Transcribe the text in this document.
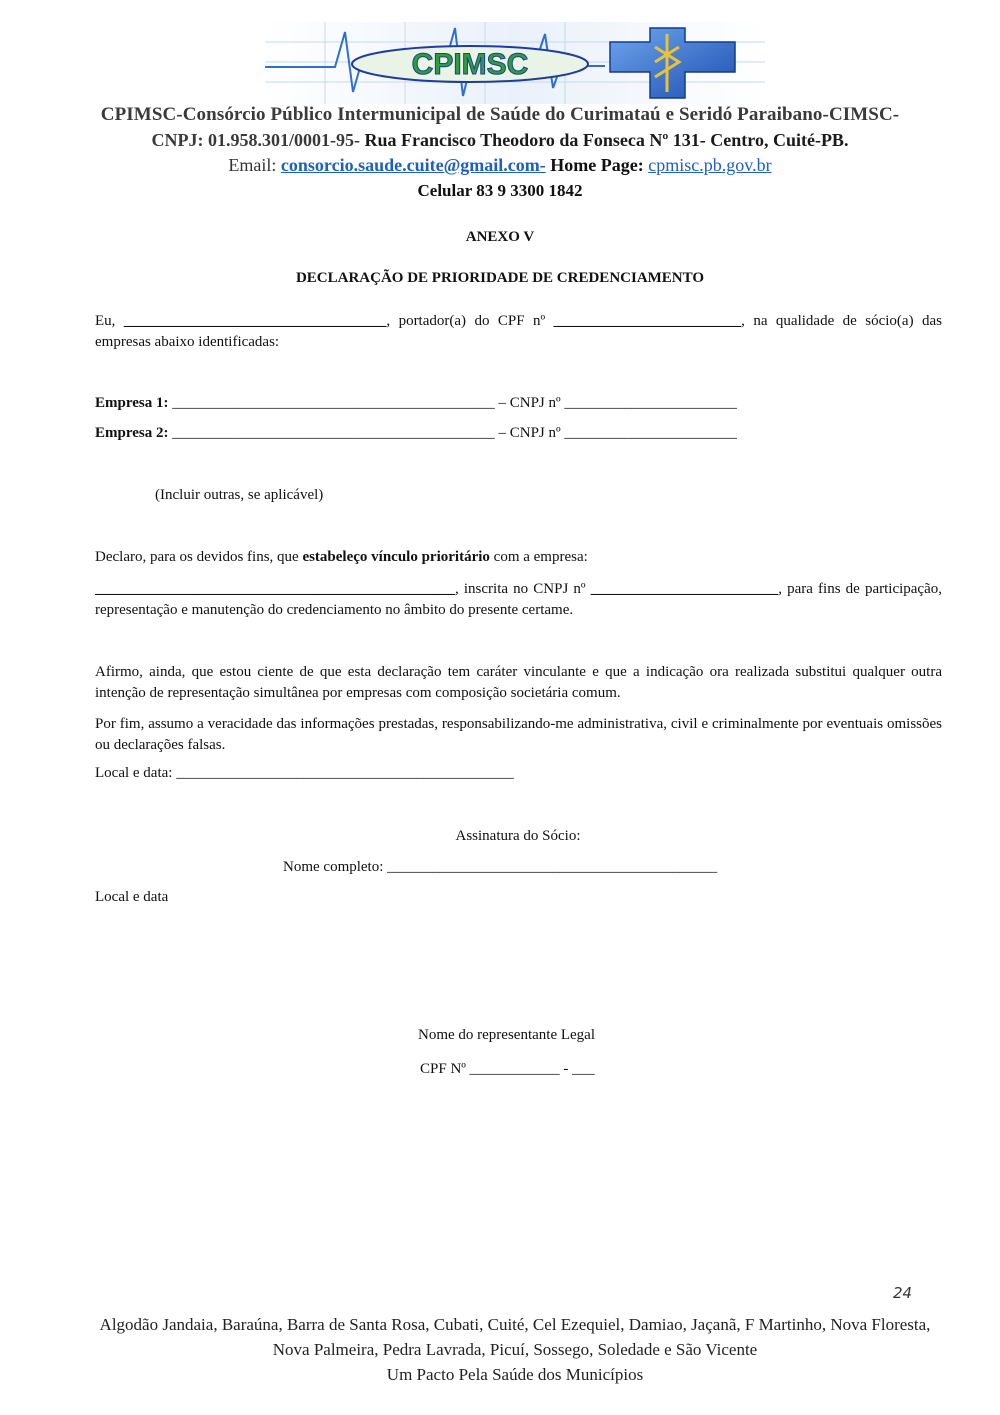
CPIMSC
CPIMSC-Consórcio Público Intermunicipal de Saúde do Curimataú e Seridó Paraibano-CIMSC-
CNPJ: 01.958.301/0001-95- Rua Francisco Theodoro da Fonseca Nº 131- Centro, Cuité-PB.
Email: consorcio.saude.cuite@gmail.com- Home Page: cpmisc.pb.gov.br
Celular 83 9 3300 1842
ANEXO V
DECLARAÇÃO DE PRIORIDADE DE CREDENCIAMENTO
Eu, ___________________________________, portador(a) do CPF nº _________________________, na qualidade de sócio(a) das empresas abaixo identificadas:
Empresa 1: ___________________________________________ – CNPJ nº _______________________
Empresa 2: ___________________________________________ – CNPJ nº _______________________
(Incluir outras, se aplicável)
Declaro, para os devidos fins, que estabeleço vínculo prioritário com a empresa:
________________________________________________, inscrita no CNPJ nº _________________________, para fins de participação, representação e manutenção do credenciamento no âmbito do presente certame.
Afirmo, ainda, que estou ciente de que esta declaração tem caráter vinculante e que a indicação ora realizada substitui qualquer outra intenção de representação simultânea por empresas com composição societária comum.
Por fim, assumo a veracidade das informações prestadas, responsabilizando-me administrativa, civil e criminalmente por eventuais omissões ou declarações falsas.
Local e data: _____________________________________________
Assinatura do Sócio:
Nome completo: ____________________________________________
Local e data
Nome do representante Legal
CPF Nº ____________ - ___
24
Algodão Jandaia, Baraúna, Barra de Santa Rosa, Cubati, Cuité, Cel Ezequiel, Damiao, Jaçanã, F Martinho, Nova Floresta, Nova Palmeira, Pedra Lavrada, Picuí, Sossego, Soledade e São Vicente
Um Pacto Pela Saúde dos Municípios
